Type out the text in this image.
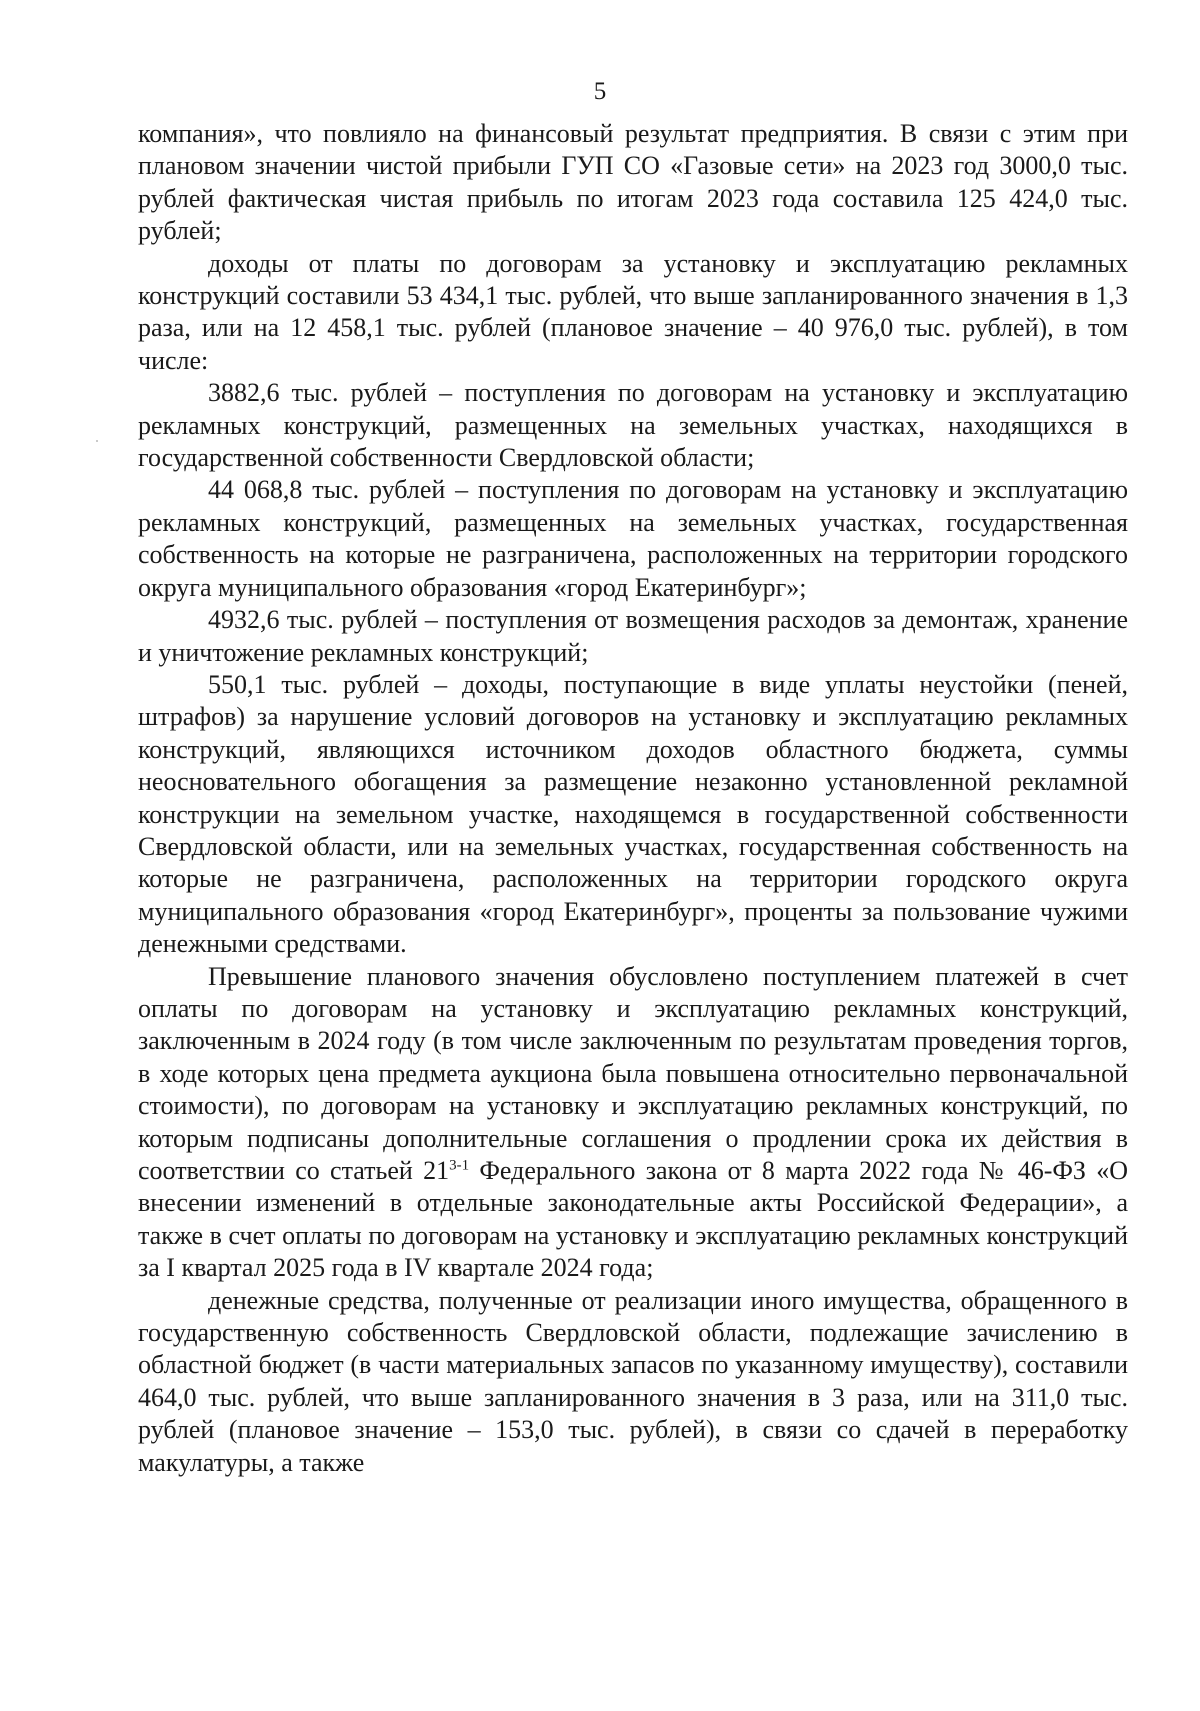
5

компания», что повлияло на финансовый результат предприятия. В связи с этим при плановом значении чистой прибыли ГУП СО «Газовые сети» на 2023 год 3000,0 тыс. рублей фактическая чистая прибыль по итогам 2023 года составила 125 424,0 тыс. рублей;

доходы от платы по договорам за установку и эксплуатацию рекламных конструкций составили 53 434,1 тыс. рублей, что выше запланированного значения в 1,3 раза, или на 12 458,1 тыс. рублей (плановое значение – 40 976,0 тыс. рублей), в том числе:

3882,6 тыс. рублей – поступления по договорам на установку и эксплуатацию рекламных конструкций, размещенных на земельных участках, находящихся в государственной собственности Свердловской области;

44 068,8 тыс. рублей – поступления по договорам на установку и эксплуатацию рекламных конструкций, размещенных на земельных участках, государственная собственность на которые не разграничена, расположенных на территории городского округа муниципального образования «город Екатеринбург»;

4932,6 тыс. рублей – поступления от возмещения расходов за демонтаж, хранение и уничтожение рекламных конструкций;

550,1 тыс. рублей – доходы, поступающие в виде уплаты неустойки (пеней, штрафов) за нарушение условий договоров на установку и эксплуатацию рекламных конструкций, являющихся источником доходов областного бюджета, суммы неосновательного обогащения за размещение незаконно установленной рекламной конструкции на земельном участке, находящемся в государственной собственности Свердловской области, или на земельных участках, государственная собственность на которые не разграничена, расположенных на территории городского округа муниципального образования «город Екатеринбург», проценты за пользование чужими денежными средствами.

Превышение планового значения обусловлено поступлением платежей в счет оплаты по договорам на установку и эксплуатацию рекламных конструкций, заключенным в 2024 году (в том числе заключенным по результатам проведения торгов, в ходе которых цена предмета аукциона была повышена относительно первоначальной стоимости), по договорам на установку и эксплуатацию рекламных конструкций, по которым подписаны дополнительные соглашения о продлении срока их действия в соответствии со статьей 21$^{3-1}$ Федерального закона от 8 марта 2022 года № 46-ФЗ «О внесении изменений в отдельные законодательные акты Российской Федерации», а также в счет оплаты по договорам на установку и эксплуатацию рекламных конструкций за I квартал 2025 года в IV квартале 2024 года;

денежные средства, полученные от реализации иного имущества, обращенного в государственную собственность Свердловской области, подлежащие зачислению в областной бюджет (в части материальных запасов по указанному имуществу), составили 464,0 тыс. рублей, что выше запланированного значения в 3 раза, или на 311,0 тыс. рублей (плановое значение – 153,0 тыс. рублей), в связи со сдачей в переработку макулатуры, а также
